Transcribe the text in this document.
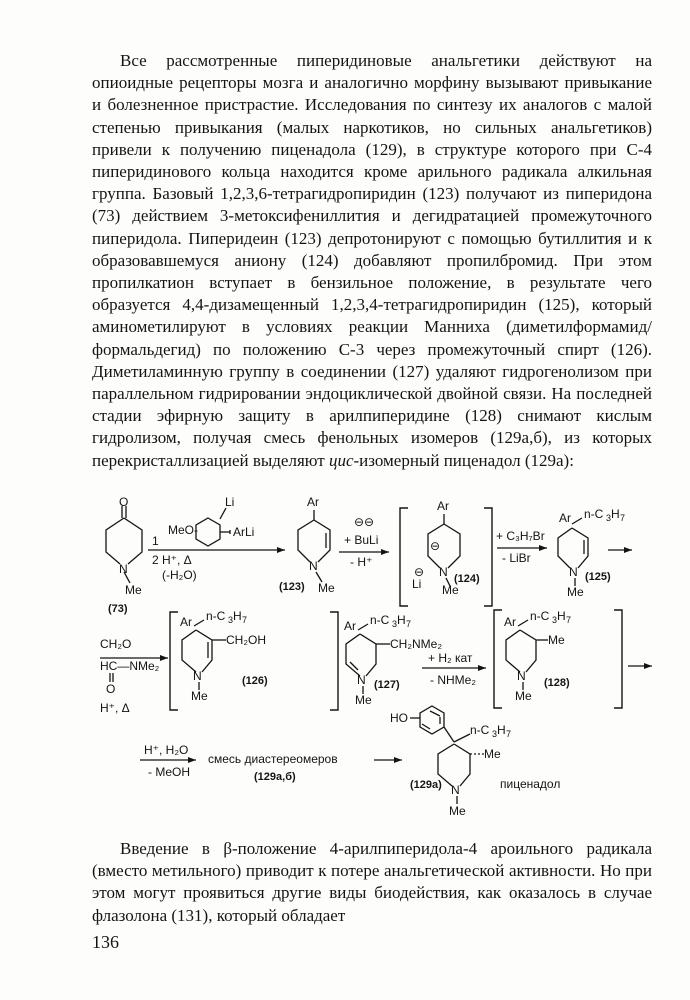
Все рассмотренные пиперидиновые анальгетики действуют на опиоидные рецепторы мозга и аналогично морфину вызывают привыкание и болезненное пристрастие. Исследования по синтезу их аналогов с малой степенью привыкания (малых наркотиков, но сильных анальгетиков) привели к получению пиценадола (129), в структуре которого при С-4 пиперидинового кольца находится кроме арильного радикала алкильная группа. Базовый 1,2,3,6-тетрагидропиридин (123) получают из пиперидона (73) действием 3-метоксифениллития и дегидратацией промежуточного пиперидола. Пиперидеин (123) депротонируют с помощью бутиллития и к образовавшемуся аниону (124) добавляют пропилбромид. При этом пропилкатион вступает в бензильное положение, в результате чего образуется 4,4-дизамещенный 1,2,3,4-тетрагидропиридин (125), который аминометилируют в условиях реакции Манниха (диметилформамид/формальдегид) по положению С-3 через промежуточный спирт (126). Диметиламинную группу в соединении (127) удаляют гидрогенолизом при параллельном гидрировании эндоциклической двойной связи. На последней стадии эфирную защиту в арилпиперидине (128) снимают кислым гидролизом, получая смесь фенольных изомеров (129а,б), из которых перекристаллизацией выделяют цис-изомерный пиценадол (129а):

O
N
Me
(73)
MeO-
Li
ArLi
1
2 H⁺, Δ
(-H₂O)
Ar
N
Me
(123)
+ BuLi
- H⁺
⊖ ⊖
Ar
⊖
N
Me
Li
⊖	(124)
+ C₃H₇Br
- LiBr
Ar n-C 3 H 7
N
Me
(125)
CH₂O
HC—NMe₂
O
H⁺, Δ
Ar n-C 3 H 7
CH₂OH
N
Me
(126)
Ar n-C 3 H 7
CH₂NMe₂
N
Me
(127)
+ H₂ кат
- NHMe₂
Ar n-C 3 H 7
Me
N
Me
(128)
H⁺, H₂O
- MeOH
смесь диастереомеров
(129а,б)
HO
n-C 3 H 7
Me
N
Me
(129a)	пиценадол

Введение в β-положение 4-арилпиперидола-4 ароильного радикала (вместо метильного) приводит к потере анальгетической активности. Но при этом могут проявиться другие виды биодействия, как оказалось в случае флазолона (131), который обладает

136
